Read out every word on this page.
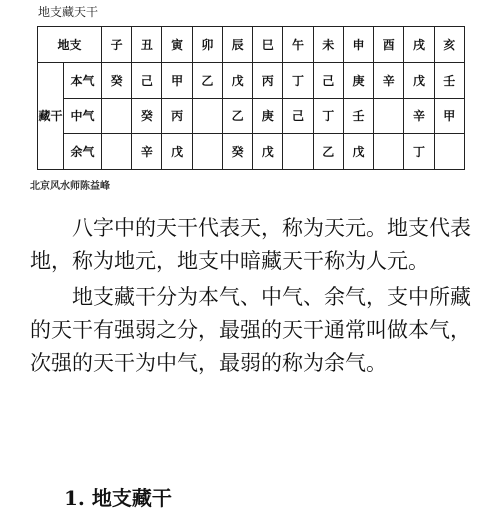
地支藏天干
地支		子	丑	寅	卯	辰	巳	午	未	申	酉	戌	亥
藏干	本气	癸	己	甲	乙	戊	丙	丁	己	庚	辛	戊	壬
	中气		癸	丙		乙	庚	己	丁	壬		辛	甲
	余气		辛	戊		癸	戊		乙	戊		丁	
北京风水师陈益峰

八字中的天干代表天，称为天元。地支代表地，称为地元，地支中暗藏天干称为人元。

地支藏干分为本气、中气、余气，支中所藏的天干有强弱之分，最强的天干通常叫做本气，次强的天干为中气，最弱的称为余气。

1. 地支藏干
